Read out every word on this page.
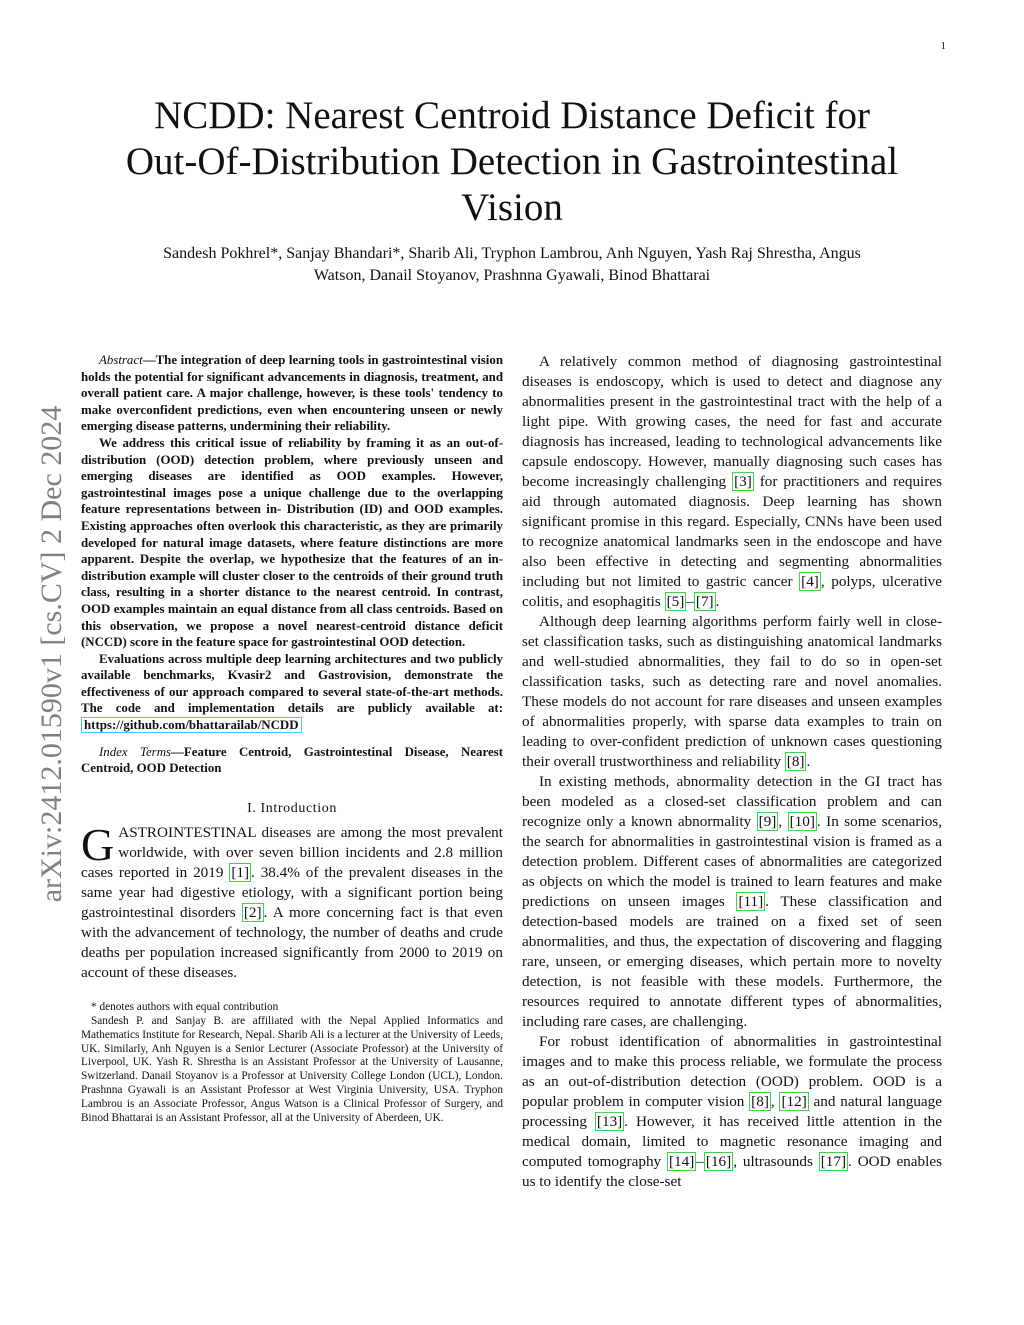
1
arXiv:2412.01590v1 [cs.CV] 2 Dec 2024
NCDD: Nearest Centroid Distance Deficit for
Out-Of-Distribution Detection in Gastrointestinal
Vision
Sandesh Pokhrel*, Sanjay Bhandari*, Sharib Ali, Tryphon Lambrou, Anh Nguyen, Yash Raj Shrestha, Angus
Watson, Danail Stoyanov, Prashnna Gyawali, Binod Bhattarai

Abstract—The integration of deep learning tools in gastrointestinal vision holds the potential for significant advancements in diagnosis, treatment, and overall patient care. A major challenge, however, is these tools' tendency to make overconfident predictions, even when encountering unseen or newly emerging disease patterns, undermining their reliability.

We address this critical issue of reliability by framing it as an out-of-distribution (OOD) detection problem, where previously unseen and emerging diseases are identified as OOD examples. However, gastrointestinal images pose a unique challenge due to the overlapping feature representations between in- Distribution (ID) and OOD examples. Existing approaches often overlook this characteristic, as they are primarily developed for natural image datasets, where feature distinctions are more apparent. Despite the overlap, we hypothesize that the features of an in-distribution example will cluster closer to the centroids of their ground truth class, resulting in a shorter distance to the nearest centroid. In contrast, OOD examples maintain an equal distance from all class centroids. Based on this observation, we propose a novel nearest-centroid distance deficit (NCCD) score in the feature space for gastrointestinal OOD detection.

Evaluations across multiple deep learning architectures and two publicly available benchmarks, Kvasir2 and Gastrovision, demonstrate the effectiveness of our approach compared to several state-of-the-art methods. The code and implementation details are publicly available at: https://github.com/bhattarailab/NCDD

Index Terms—Feature Centroid, Gastrointestinal Disease, Nearest Centroid, OOD Detection

I. Introduction

GASTROINTESTINAL diseases are among the most prevalent worldwide, with over seven billion incidents and 2.8 million cases reported in 2019 [1] . 38.4% of the prevalent diseases in the same year had digestive etiology, with a significant portion being gastrointestinal disorders [2] . A more concerning fact is that even with the advancement of technology, the number of deaths and crude deaths per population increased significantly from 2000 to 2019 on account of these diseases.

* denotes authors with equal contribution

Sandesh P. and Sanjay B. are affiliated with the Nepal Applied Informatics and Mathematics Institute for Research, Nepal. Sharib Ali is a lecturer at the University of Leeds, UK. Similarly, Anh Nguyen is a Senior Lecturer (Associate Professor) at the University of Liverpool, UK. Yash R. Shrestha is an Assistant Professor at the University of Lausanne, Switzerland. Danail Stoyanov is a Professor at University College London (UCL), London. Prashnna Gyawali is an Assistant Professor at West Virginia University, USA. Tryphon Lambrou is an Associate Professor, Angus Watson is a Clinical Professor of Surgery, and Binod Bhattarai is an Assistant Professor, all at the University of Aberdeen, UK.

A relatively common method of diagnosing gastrointestinal diseases is endoscopy, which is used to detect and diagnose any abnormalities present in the gastrointestinal tract with the help of a light pipe. With growing cases, the need for fast and accurate diagnosis has increased, leading to technological advancements like capsule endoscopy. However, manually diagnosing such cases has become increasingly challenging [3] for practitioners and requires aid through automated diagnosis. Deep learning has shown significant promise in this regard. Especially, CNNs have been used to recognize anatomical landmarks seen in the endoscope and have also been effective in detecting and segmenting abnormalities including but not limited to gastric cancer [4] , polyps, ulcerative colitis, and esophagitis [5] – [7] .

Although deep learning algorithms perform fairly well in close-set classification tasks, such as distinguishing anatomical landmarks and well-studied abnormalities, they fail to do so in open-set classification tasks, such as detecting rare and novel anomalies. These models do not account for rare diseases and unseen examples of abnormalities properly, with sparse data examples to train on leading to over-confident prediction of unknown cases questioning their overall trustworthiness and reliability [8] .

In existing methods, abnormality detection in the GI tract has been modeled as a closed-set classification problem and can recognize only a known abnormality [9] , [10] . In some scenarios, the search for abnormalities in gastrointestinal vision is framed as a detection problem. Different cases of abnormalities are categorized as objects on which the model is trained to learn features and make predictions on unseen images [11] . These classification and detection-based models are trained on a fixed set of seen abnormalities, and thus, the expectation of discovering and flagging rare, unseen, or emerging diseases, which pertain more to novelty detection, is not feasible with these models. Furthermore, the resources required to annotate different types of abnormalities, including rare cases, are challenging.

For robust identification of abnormalities in gastrointestinal images and to make this process reliable, we formulate the process as an out-of-distribution detection (OOD) problem. OOD is a popular problem in computer vision [8] , [12] and natural language processing [13] . However, it has received little attention in the medical domain, limited to magnetic resonance imaging and computed tomography [14] – [16] , ultrasounds [17] . OOD enables us to identify the close-set
